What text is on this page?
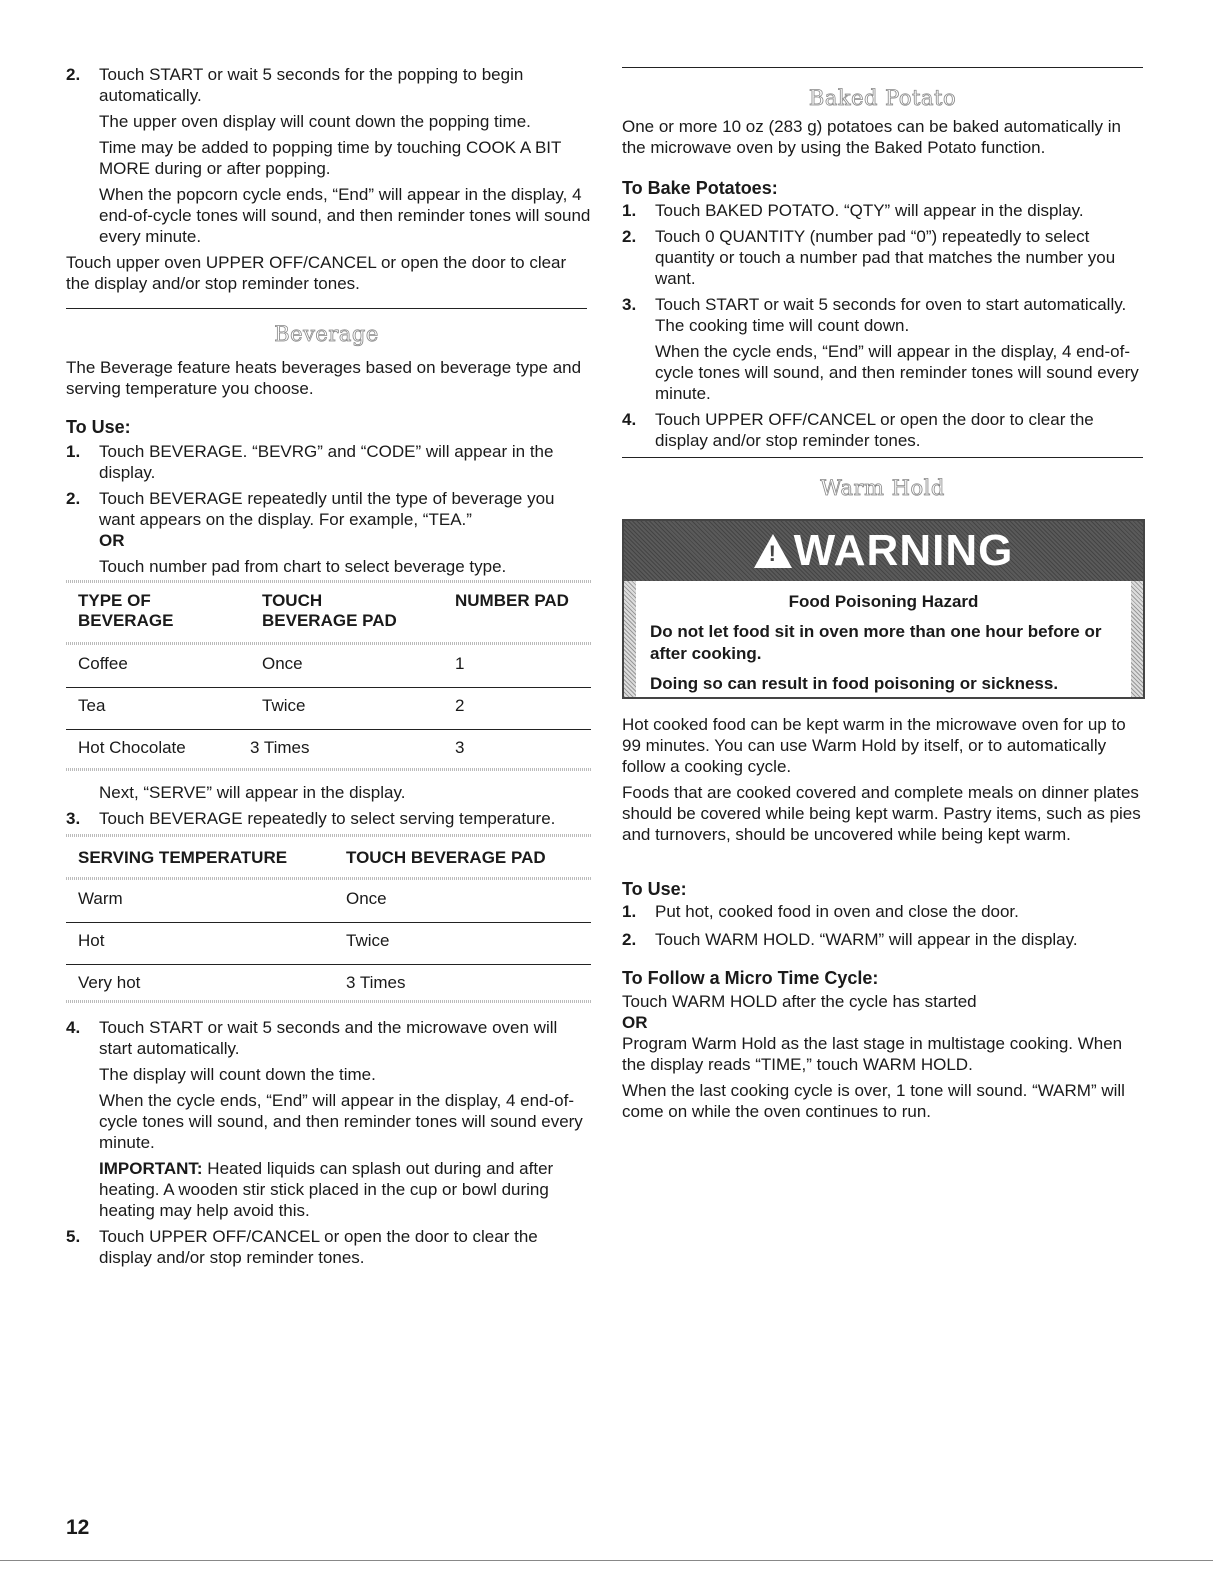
2. Touch START or wait 5 seconds for the popping to begin automatically.

The upper oven display will count down the popping time.

Time may be added to popping time by touching COOK A BIT MORE during or after popping.

When the popcorn cycle ends, “End” will appear in the display, 4 end-of-cycle tones will sound, and then reminder tones will sound every minute.

Touch upper oven UPPER OFF/CANCEL or open the door to clear the display and/or stop reminder tones.

Beverage

The Beverage feature heats beverages based on beverage type and serving temperature you choose.

To Use:
1. Touch BEVERAGE. “BEVRG” and “CODE” will appear in the display.

2. Touch BEVERAGE repeatedly until the type of beverage you want appears on the display. For example, “TEA.”

OR

Touch number pad from chart to select beverage type.

TYPE OF	TOUCH	NUMBER PAD
BEVERAGE	BEVERAGE PAD
Coffee	Once	1
Tea	Twice	2
Hot Chocolate	3 Times	3

Next, “SERVE” will appear in the display.

3. Touch BEVERAGE repeatedly to select serving temperature.

SERVING TEMPERATURE	TOUCH BEVERAGE PAD
Warm	Once
Hot	Twice
Very hot	3 Times
4. Touch START or wait 5 seconds and the microwave oven will start automatically.

The display will count down the time.

When the cycle ends, “End” will appear in the display, 4 end-of-cycle tones will sound, and then reminder tones will sound every minute.

IMPORTANT: Heated liquids can splash out during and after heating. A wooden stir stick placed in the cup or bowl during heating may help avoid this.

5. Touch UPPER OFF/CANCEL or open the door to clear the display and/or stop reminder tones.

12
Baked Potato

One or more 10 oz (283 g) potatoes can be baked automatically in the microwave oven by using the Baked Potato function.

To Bake Potatoes:
1. Touch BAKED POTATO. “QTY” will appear in the display.

2. Touch 0 QUANTITY (number pad “0”) repeatedly to select quantity or touch a number pad that matches the number you want.

3. Touch START or wait 5 seconds for oven to start automatically. The cooking time will count down.

When the cycle ends, “End” will appear in the display, 4 end-of-cycle tones will sound, and then reminder tones will sound every minute.

4. Touch UPPER OFF/CANCEL or open the door to clear the display and/or stop reminder tones.

Warm Hold
!
WARNING

Food Poisoning Hazard

Do not let food sit in oven more than one hour before or after cooking.

Doing so can result in food poisoning or sickness.

Hot cooked food can be kept warm in the microwave oven for up to 99 minutes. You can use Warm Hold by itself, or to automatically follow a cooking cycle.

Foods that are cooked covered and complete meals on dinner plates should be covered while being kept warm. Pastry items, such as pies and turnovers, should be uncovered while being kept warm.

To Use:
1. Put hot, cooked food in oven and close the door.

2. Touch WARM HOLD. “WARM” will appear in the display.

To Follow a Micro Time Cycle:

Touch WARM HOLD after the cycle has started

OR

Program Warm Hold as the last stage in multistage cooking. When the display reads “TIME,” touch WARM HOLD.

When the last cooking cycle is over, 1 tone will sound. “WARM” will come on while the oven continues to run.
